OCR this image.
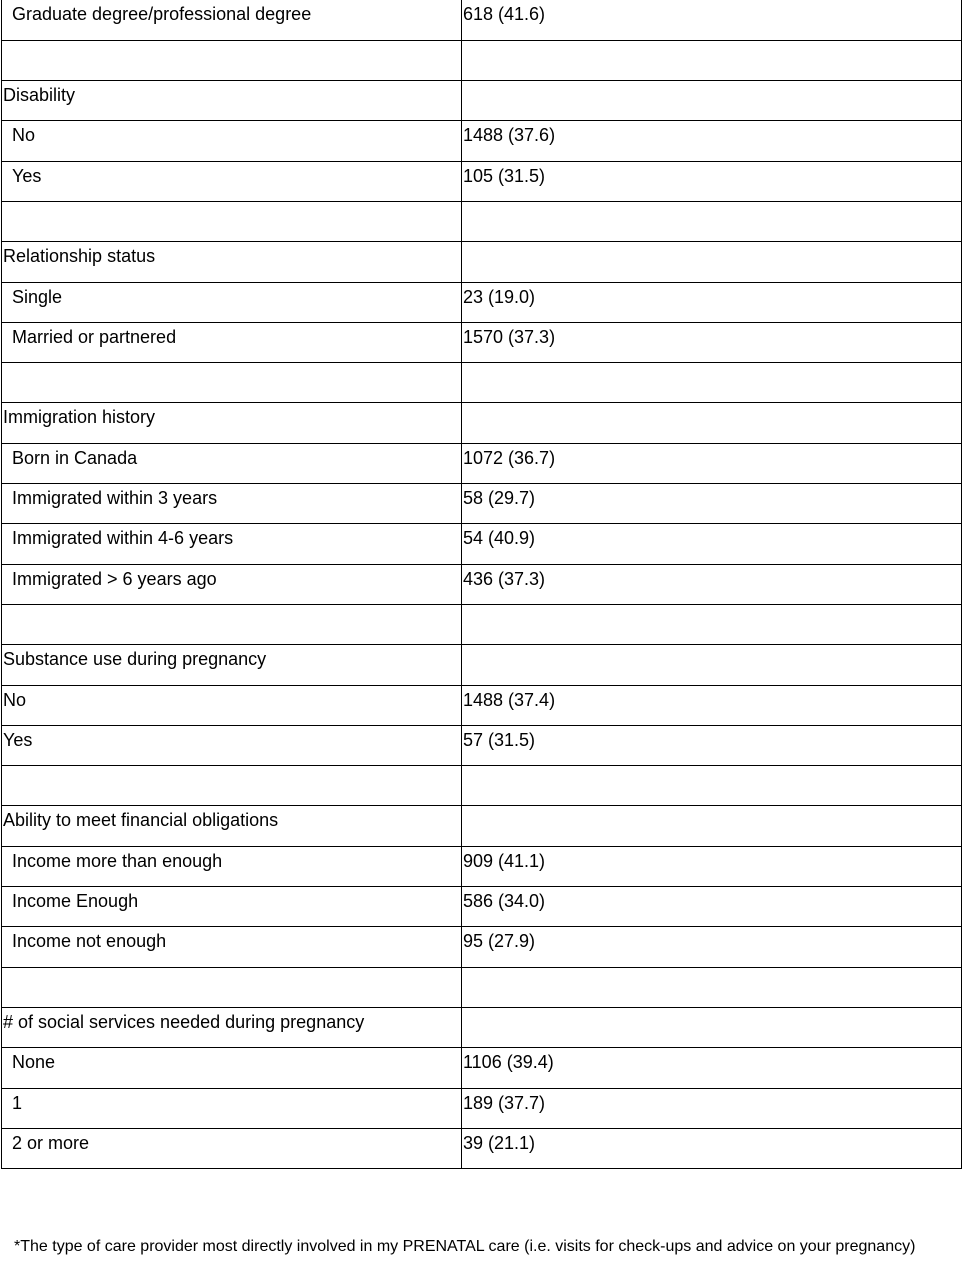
Graduate degree/professional degree	618 (41.6)

Disability	
No	1488 (37.6)
Yes	105 (31.5)

Relationship status	
Single	23 (19.0)
Married or partnered	1570 (37.3)

Immigration history	
Born in Canada	1072 (36.7)
Immigrated within 3 years	58 (29.7)
Immigrated within 4-6 years	54 (40.9)
Immigrated > 6 years ago	436 (37.3)

Substance use during pregnancy	
No	1488 (37.4)
Yes	57 (31.5)

Ability to meet financial obligations	
Income more than enough	909 (41.1)
Income Enough	586 (34.0)
Income not enough	95 (27.9)

# of social services needed during pregnancy	
None	1106 (39.4)
1	189 (37.7)
2 or more	39 (21.1)
*The type of care provider most directly involved in my PRENATAL care (i.e. visits for check-ups and advice on your pregnancy)
